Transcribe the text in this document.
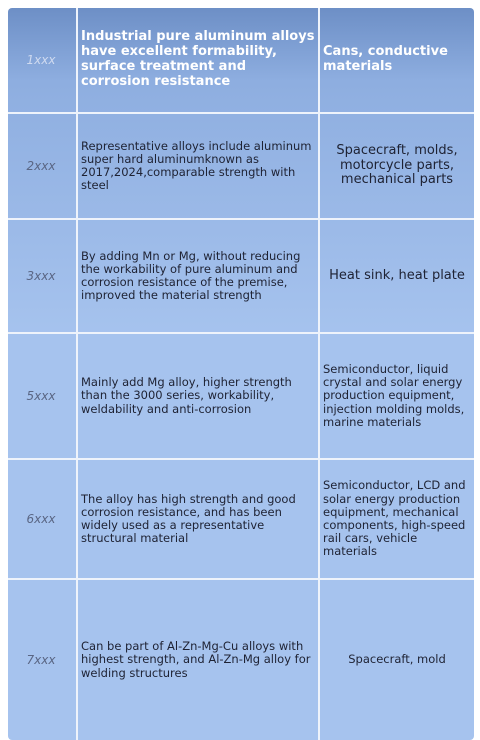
1xxx
Industrial pure aluminum alloys have excellent formability, surface treatment and corrosion resistance
Cans, conductive materials
2xxx
Representative alloys include aluminum super hard aluminumknown as 2017,2024,comparable strength with steel
Spacecraft, molds, motorcycle parts, mechanical parts
3xxx
By adding Mn or Mg, without reducing the workability of pure aluminum and corrosion resistance of the premise, improved the material strength
Heat sink, heat plate
5xxx
Mainly add Mg alloy, higher strength than the 3000 series, workability, weldability and anti-corrosion
Semiconductor, liquid crystal and solar energy production equipment, injection molding molds, marine materials
6xxx
The alloy has high strength and good corrosion resistance, and has been widely used as a representative structural material
Semiconductor, LCD and solar energy production equipment, mechanical components, high-speed rail cars, vehicle materials
7xxx
Can be part of Al-Zn-Mg-Cu alloys with highest strength, and Al-Zn-Mg alloy for welding structures
Spacecraft, mold
